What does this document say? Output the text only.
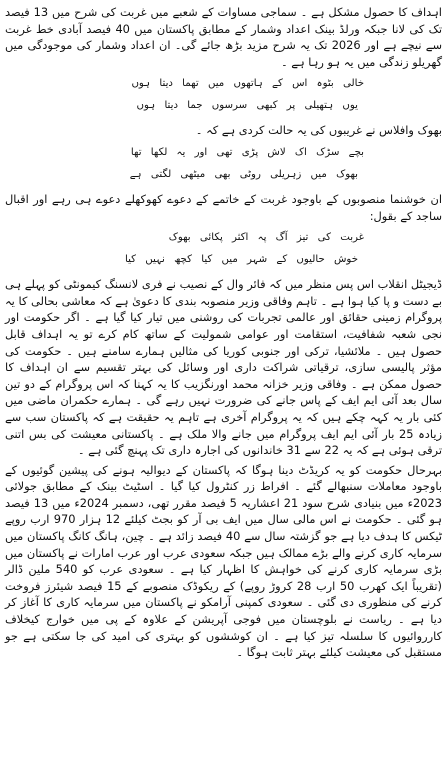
اہداف کا حصول مشکل ہے ۔ سماجی مساوات کے شعبے میں غربت کی شرح میں 13 فیصد تک کی لانا جبکہ ورلڈ بینک اعداد وشمار کے مطابق پاکستان میں 40 فیصد آبادی خط غربت سے نیچے ہے اور 2026 تک یہ شرح مزید بڑھ جائے گی۔ ان اعداد وشمار کی موجودگی میں گھریلو زندگی میں یہ ہو رہا ہے ۔

خالی بٹوہ اس کے ہاتھوں میں تھما دیتا ہوں
یوں ہتھیلی پر کبھی سرسوں جما دیتا ہوں

بھوک وافلاس نے غریبوں کی یہ حالت کردی ہے کہ ۔

بچے سڑک اک لاش پڑی تھی اور یہ لکھا تھا
بھوک میں زہریلی روٹی بھی میٹھی لگتی ہے

ان خوشنما منصوبوں کے باوجود غربت کے خاتمے کے دعوے کھوکھلے دعوے ہی رہے اور اقبال ساجد کے بقول:

غربت کی تیز آگ پہ اکثر پکائی بھوک
خوش حالیوں کے شہر میں کیا کچھ نہیں کیا

ڈیجیٹل انقلاب اس پس منظر میں کہ فائر وال کے نصیب نے فری لانسنگ کیمونٹی کو پہلے ہی بے دست و پا کیا ہوا ہے ۔ تاہم وفاقی وزیر منصوبہ بندی کا دعویٰ ہے کہ معاشی بحالی کا یہ پروگرام زمینی حقائق اور عالمی تجربات کی روشنی میں تیار کیا گیا ہے ۔ اگر حکومت اور نجی شعبہ شفافیت، استقامت اور عوامی شمولیت کے ساتھ کام کرے تو یہ اہداف قابل حصول ہیں ۔ ملائشیا، ترکی اور جنوبی کوریا کی مثالیں ہمارے سامنے ہیں ۔ حکومت کی مؤثر پالیسی سازی، ترقیاتی شراکت داری اور وسائل کی بہتر تقسیم سے ان اہداف کا حصول ممکن ہے ۔ وفاقی وزیر خزانہ محمد اورنگزیب کا یہ کہنا کہ اس پروگرام کے دو تین سال بعد آئی ایم ایف کے پاس جانے کی ضرورت نہیں رہے گی ۔ ہمارے حکمران ماضی میں کئی بار یہ کہہ چکے ہیں کہ یہ پروگرام آخری ہے تاہم یہ حقیقت ہے کہ پاکستان سب سے زیادہ 25 بار آئی ایم ایف پروگرام میں جانے والا ملک ہے ۔ پاکستانی معیشت کی بس اتنی ترقی ہوئی ہے کہ یہ 22 سے 31 خاندانوں کی اجارہ داری تک پہنچ گئی ہے ۔

بہرحال حکومت کو یہ کریڈٹ دینا ہوگا کہ پاکستان کے دیوالیہ ہونے کی پیشین گوئیوں کے باوجود معاملات سنبھالے گئے ۔ افراط زر کنٹرول کیا گیا ۔ اسٹیٹ بینک کے مطابق جولائی 2023ء میں بنیادی شرح سود 21 اعشاریہ 5 فیصد مقرر تھی، دسمبر 2024ء میں 13 فیصد ہو گئی ۔ حکومت نے اس مالی سال میں ایف بی آر کو بجٹ کیلئے 12 ہزار 970 ارب روپے ٹیکس کا ہدف دیا ہے جو گزشتہ سال سے 40 فیصد زائد ہے ۔ چین، ہانگ کانگ پاکستان میں سرمایہ کاری کرنے والے بڑے ممالک ہیں جبکہ سعودی عرب اور عرب امارات نے پاکستان میں بڑی سرمایہ کاری کرنے کی خواہش کا اظہار کیا ہے ۔ سعودی عرب کو 540 ملین ڈالر (تقریباً ایک کھرب 50 ارب 28 کروڑ روپے) کے ریکوڈک منصوبے کے 15 فیصد شیئرز فروخت کرنے کی منظوری دی گئی ۔ سعودی کمپنی آرامکو نے پاکستان میں سرمایہ کاری کا آغاز کر دیا ہے ۔ ریاست نے بلوچستان میں فوجی آپریشن کے علاوہ کے پی میں خوارج کیخلاف کارروائیوں کا سلسلہ تیز کیا ہے ۔ ان کوششوں کو بہتری کی امید کی جا سکتی ہے جو مستقبل کی معیشت کیلئے بہتر ثابت ہوگا ۔
